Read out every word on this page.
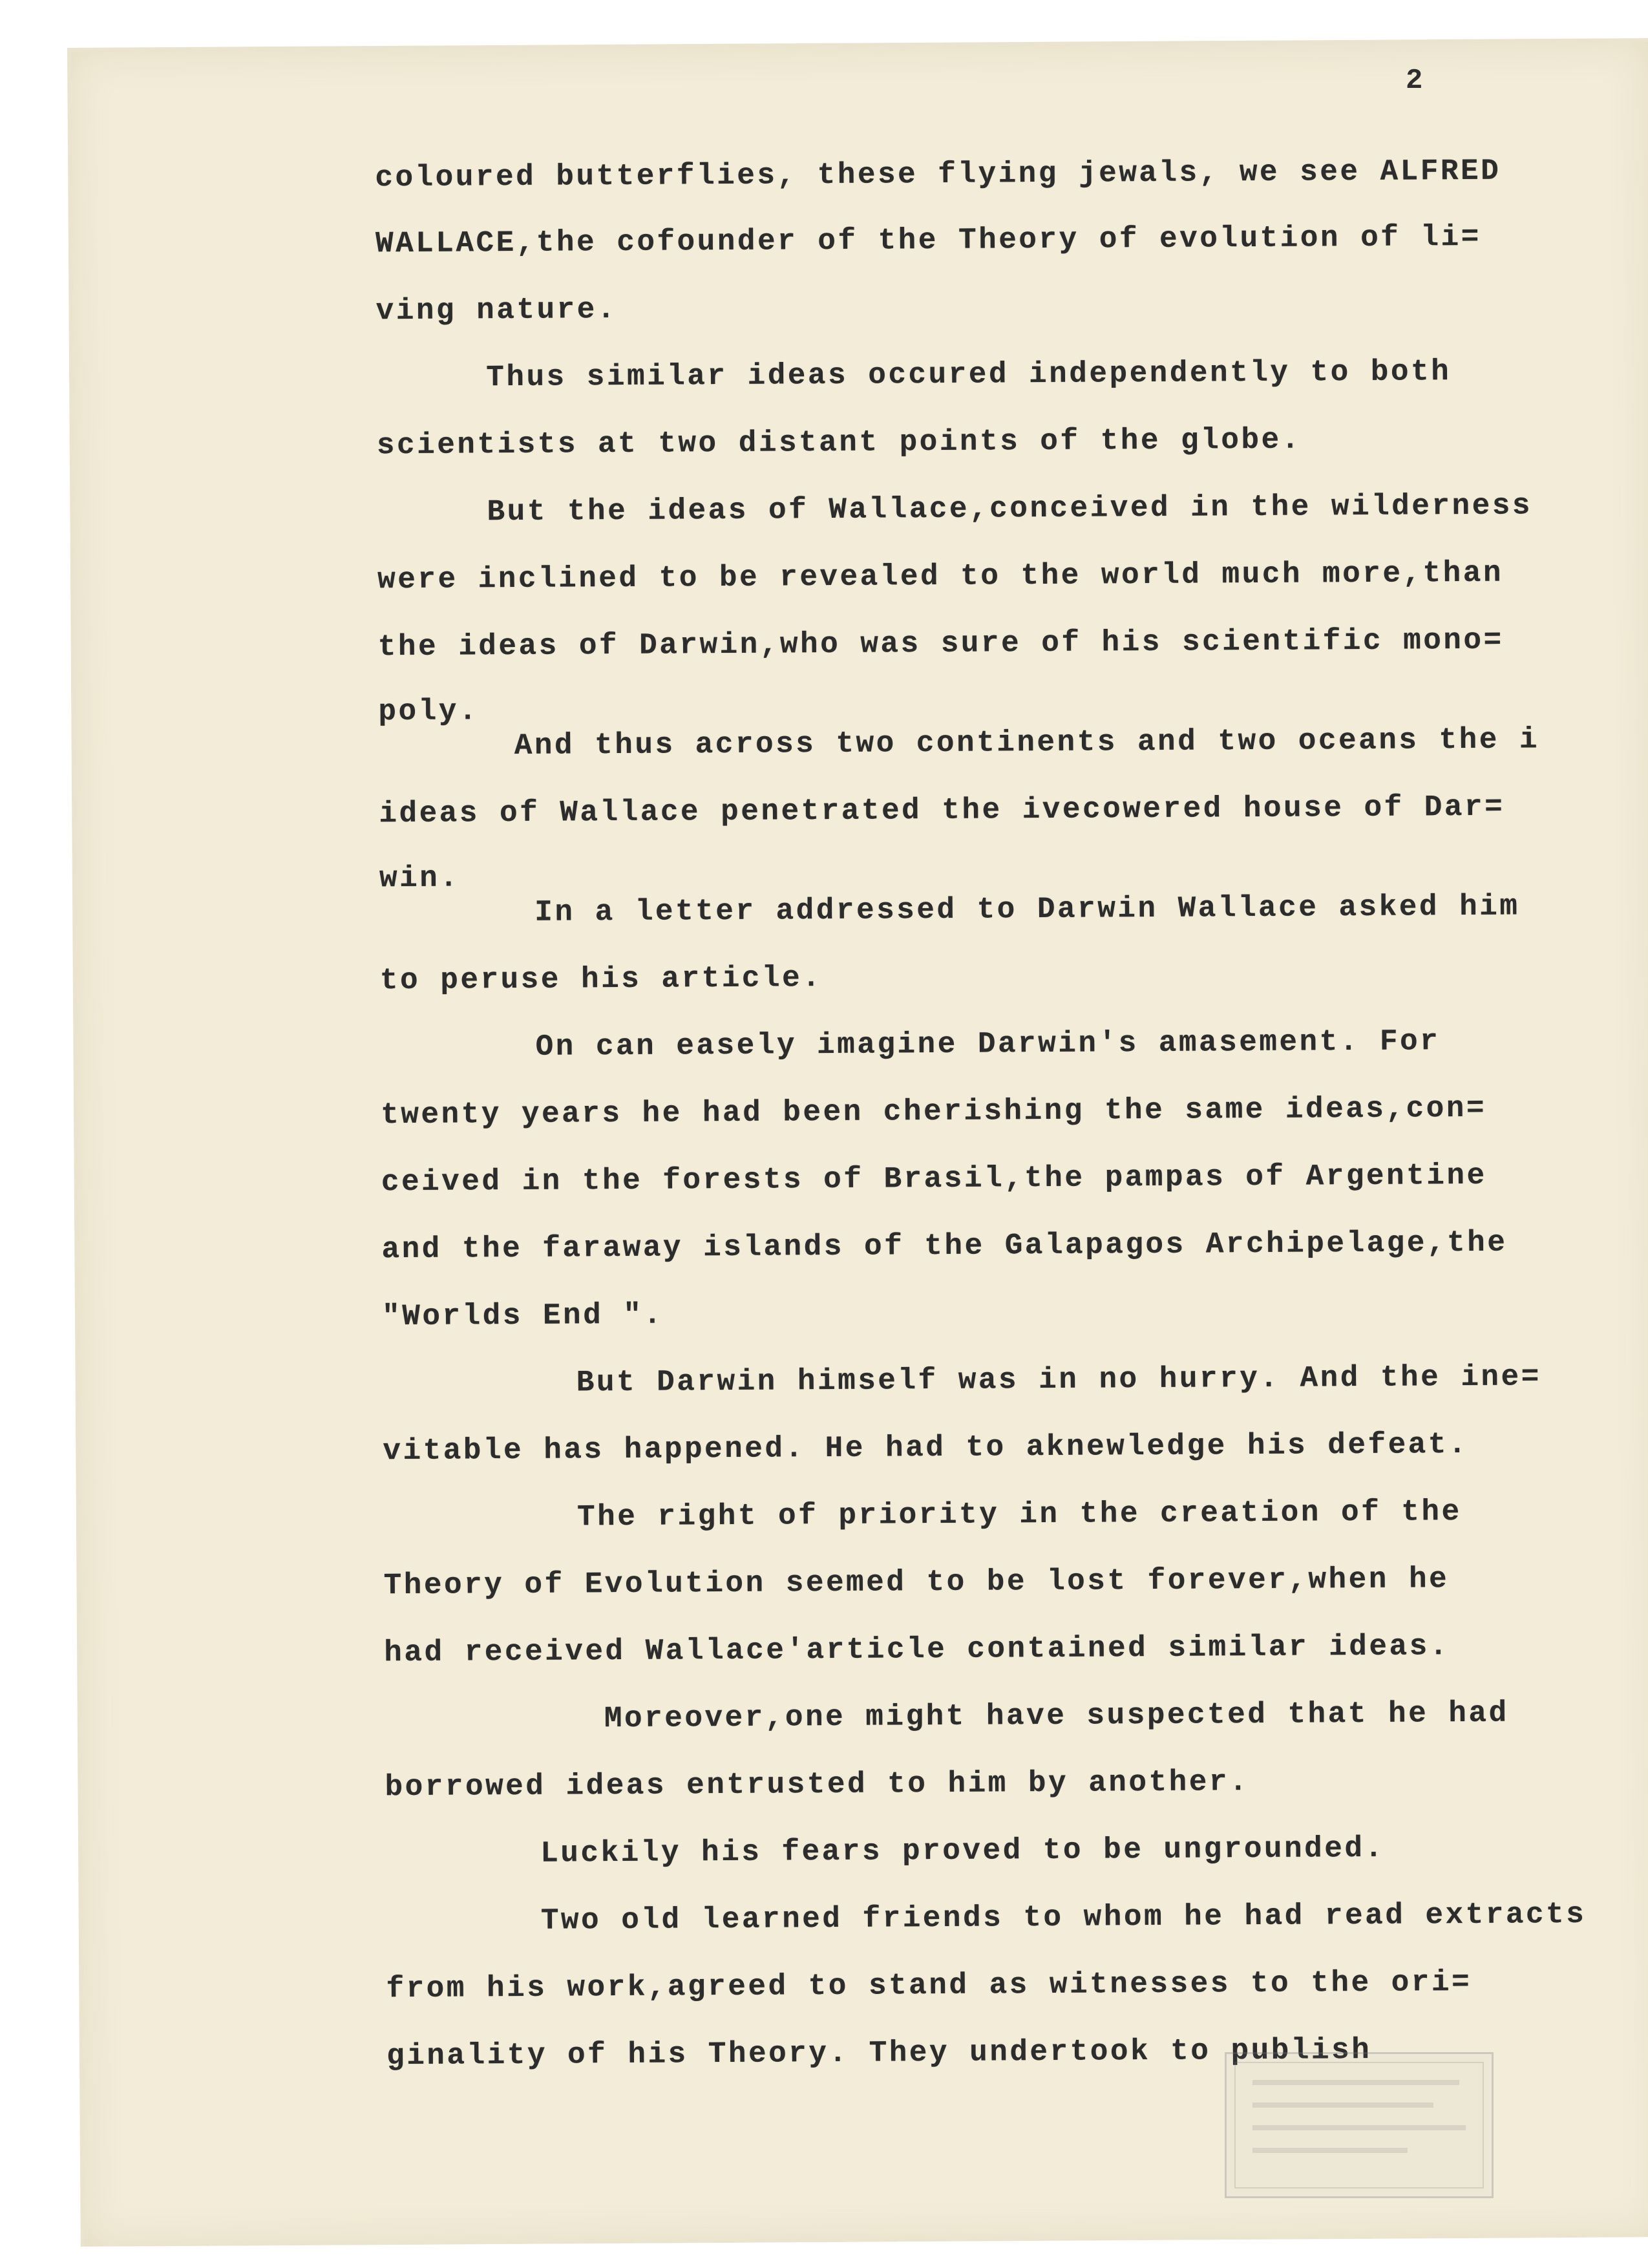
2
coloured butterflies, these flying jewals, we see ALFRED
WALLACE,the cofounder of the Theory of evolution of li=
ving nature.
Thus similar ideas occured independently to both
scientists at two distant points of the globe.
But the ideas of Wallace,conceived in the wilderness
were inclined to be revealed to the world much more,than
the ideas of Darwin,who was sure of his scientific mono=
poly.
And thus across two continents and two oceans the i
ideas of Wallace penetrated the ivecowered house of Dar=
win.
In a letter addressed to Darwin Wallace asked him
to peruse his article.
On can easely imagine Darwin's amasement. For
twenty years he had been cherishing the same ideas,con=
ceived in the forests of Brasil,the pampas of Argentine
and the faraway islands of the Galapagos Archipelage,the
"Worlds End ".
But Darwin himself was in no hurry. And the ine=
vitable has happened. He had to aknewledge his defeat.
The right of priority in the creation of the
Theory of Evolution seemed to be lost forever,when he
had received Wallace'article contained similar ideas.
Moreover,one might have suspected that he had
borrowed ideas entrusted to him by another.
Luckily his fears proved to be ungrounded.
Two old learned friends to whom he had read extracts
from his work,agreed to stand as witnesses to the ori=
ginality of his Theory. They undertook to publish
